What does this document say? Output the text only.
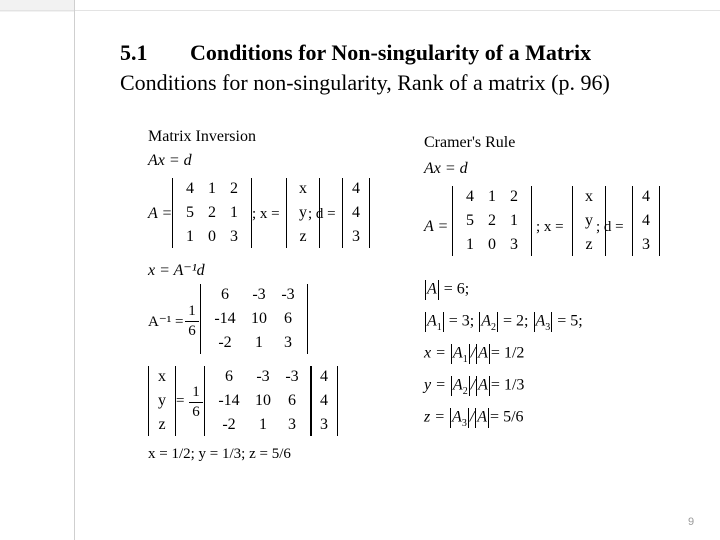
5.1 Conditions for Non-singularity of a Matrix
Conditions for non-singularity, Rank of a matrix (p. 96)
Matrix Inversion
Ax = d
A =
4 1 2
5 2 1
1 0 3
; x =
x
y
z
; d =
4
4
3
x = A⁻¹d
A⁻¹ =
1
6
6	-3 -3
-14 10	6
-2	1	3
x
y
z
=
1
6
6	-3 -3
-14 10	6
-2	1	3
4
4
3
x = 1/2; y = 1/3; z = 5/6
Cramer's Rule
Ax = d
A =
4 1 2
5 2 1
1 0 3
; x =
x
y
z
; d =
4
4
3
A = 6;
$A_1 = 3$; $A_2 = 2$; $A_3 = 5$;
$x = A_1 / A = 1/2$
$y = A_2 / A = 1/3$
$z = A_3 / A = 5/6$
9
